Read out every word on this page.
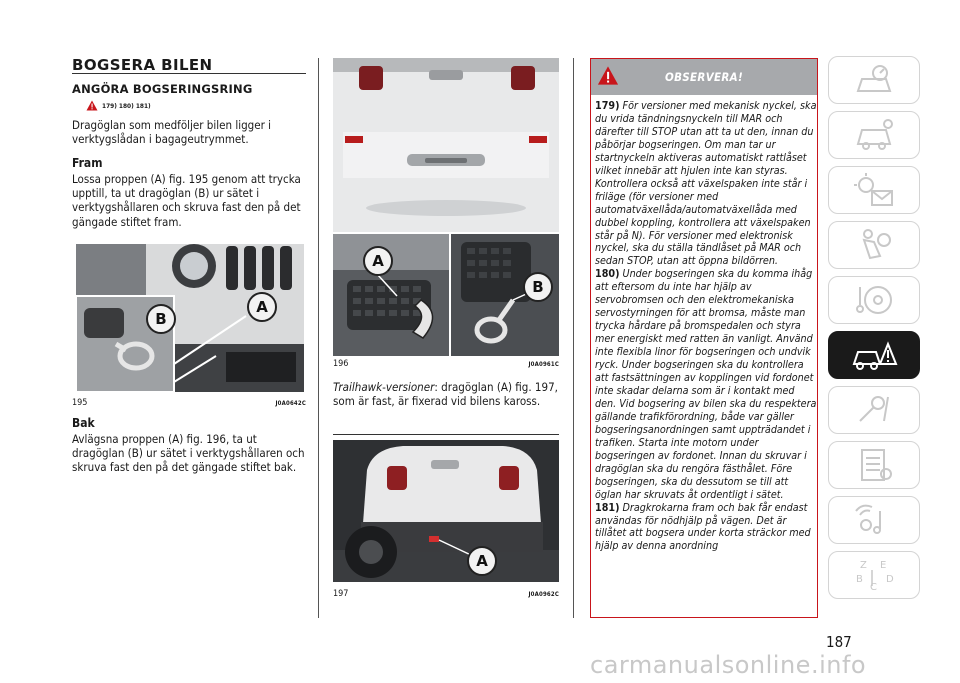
BOGSERA BILEN
ANGÖRA BOGSERINGSRING
179) 180) 181)

Dragöglan som medföljer bilen ligger i verktygslådan i bagageutrymmet.

Fram

Lossa proppen (A) fig. 195 genom att trycka upptill, ta ut dragöglan (B) ur sätet i verktygshållaren och skruva fast den på det gängade stiftet fram.

A
B
195	J0A0642C

Bak

Avlägsna proppen (A) fig. 196, ta ut dragöglan (B) ur sätet i verktygshållaren och skruva fast den på det gängade stiftet bak.

A
B
196	J0A0961C

Trailhawk-versioner: dragöglan (A) fig. 197, som är fast, är fixerad vid bilens kaross.

A
197	J0A0962C
OBSERVERA!

179) För versioner med mekanisk nyckel, ska du vrida tändningsnyckeln till MAR och därefter till STOP utan att ta ut den, innan du påbörjar bogseringen. Om man tar ur startnyckeln aktiveras automatiskt rattlåset vilket innebär att hjulen inte kan styras. Kontrollera också att växelspaken inte står i friläge (för versioner med automatväxellåda/automatväxellåda med dubbel koppling, kontrollera att växelspaken står på N). För versioner med elektronisk nyckel, ska du ställa tändlåset på MAR och sedan STOP, utan att öppna bildörren.
180) Under bogseringen ska du komma ihåg att eftersom du inte har hjälp av servobromsen och den elektromekaniska servostyrningen för att bromsa, måste man trycka hårdare på bromspedalen och styra mer energiskt med ratten än vanligt. Använd inte flexibla linor för bogseringen och undvik ryck. Under bogseringen ska du kontrollera att fastsättningen av kopplingen vid fordonet inte skadar delarna som är i kontakt med den. Vid bogsering av bilen ska du respektera gällande trafikförordning, både var gäller bogseringsanordningen samt uppträdandet i trafiken. Starta inte motorn under bogseringen av fordonet. Innan du skruvar i dragöglan ska du rengöra fästhålet. Före bogseringen, ska du dessutom se till att öglan har skruvats åt ordentligt i sätet.
181) Dragkrokarna fram och bak får endast användas för nödhjälp på vägen. Det är tillåtet att bogsera under korta sträckor med hjälp av denna anordning

187
Z E
B
C
D
carmanualsonline.info
